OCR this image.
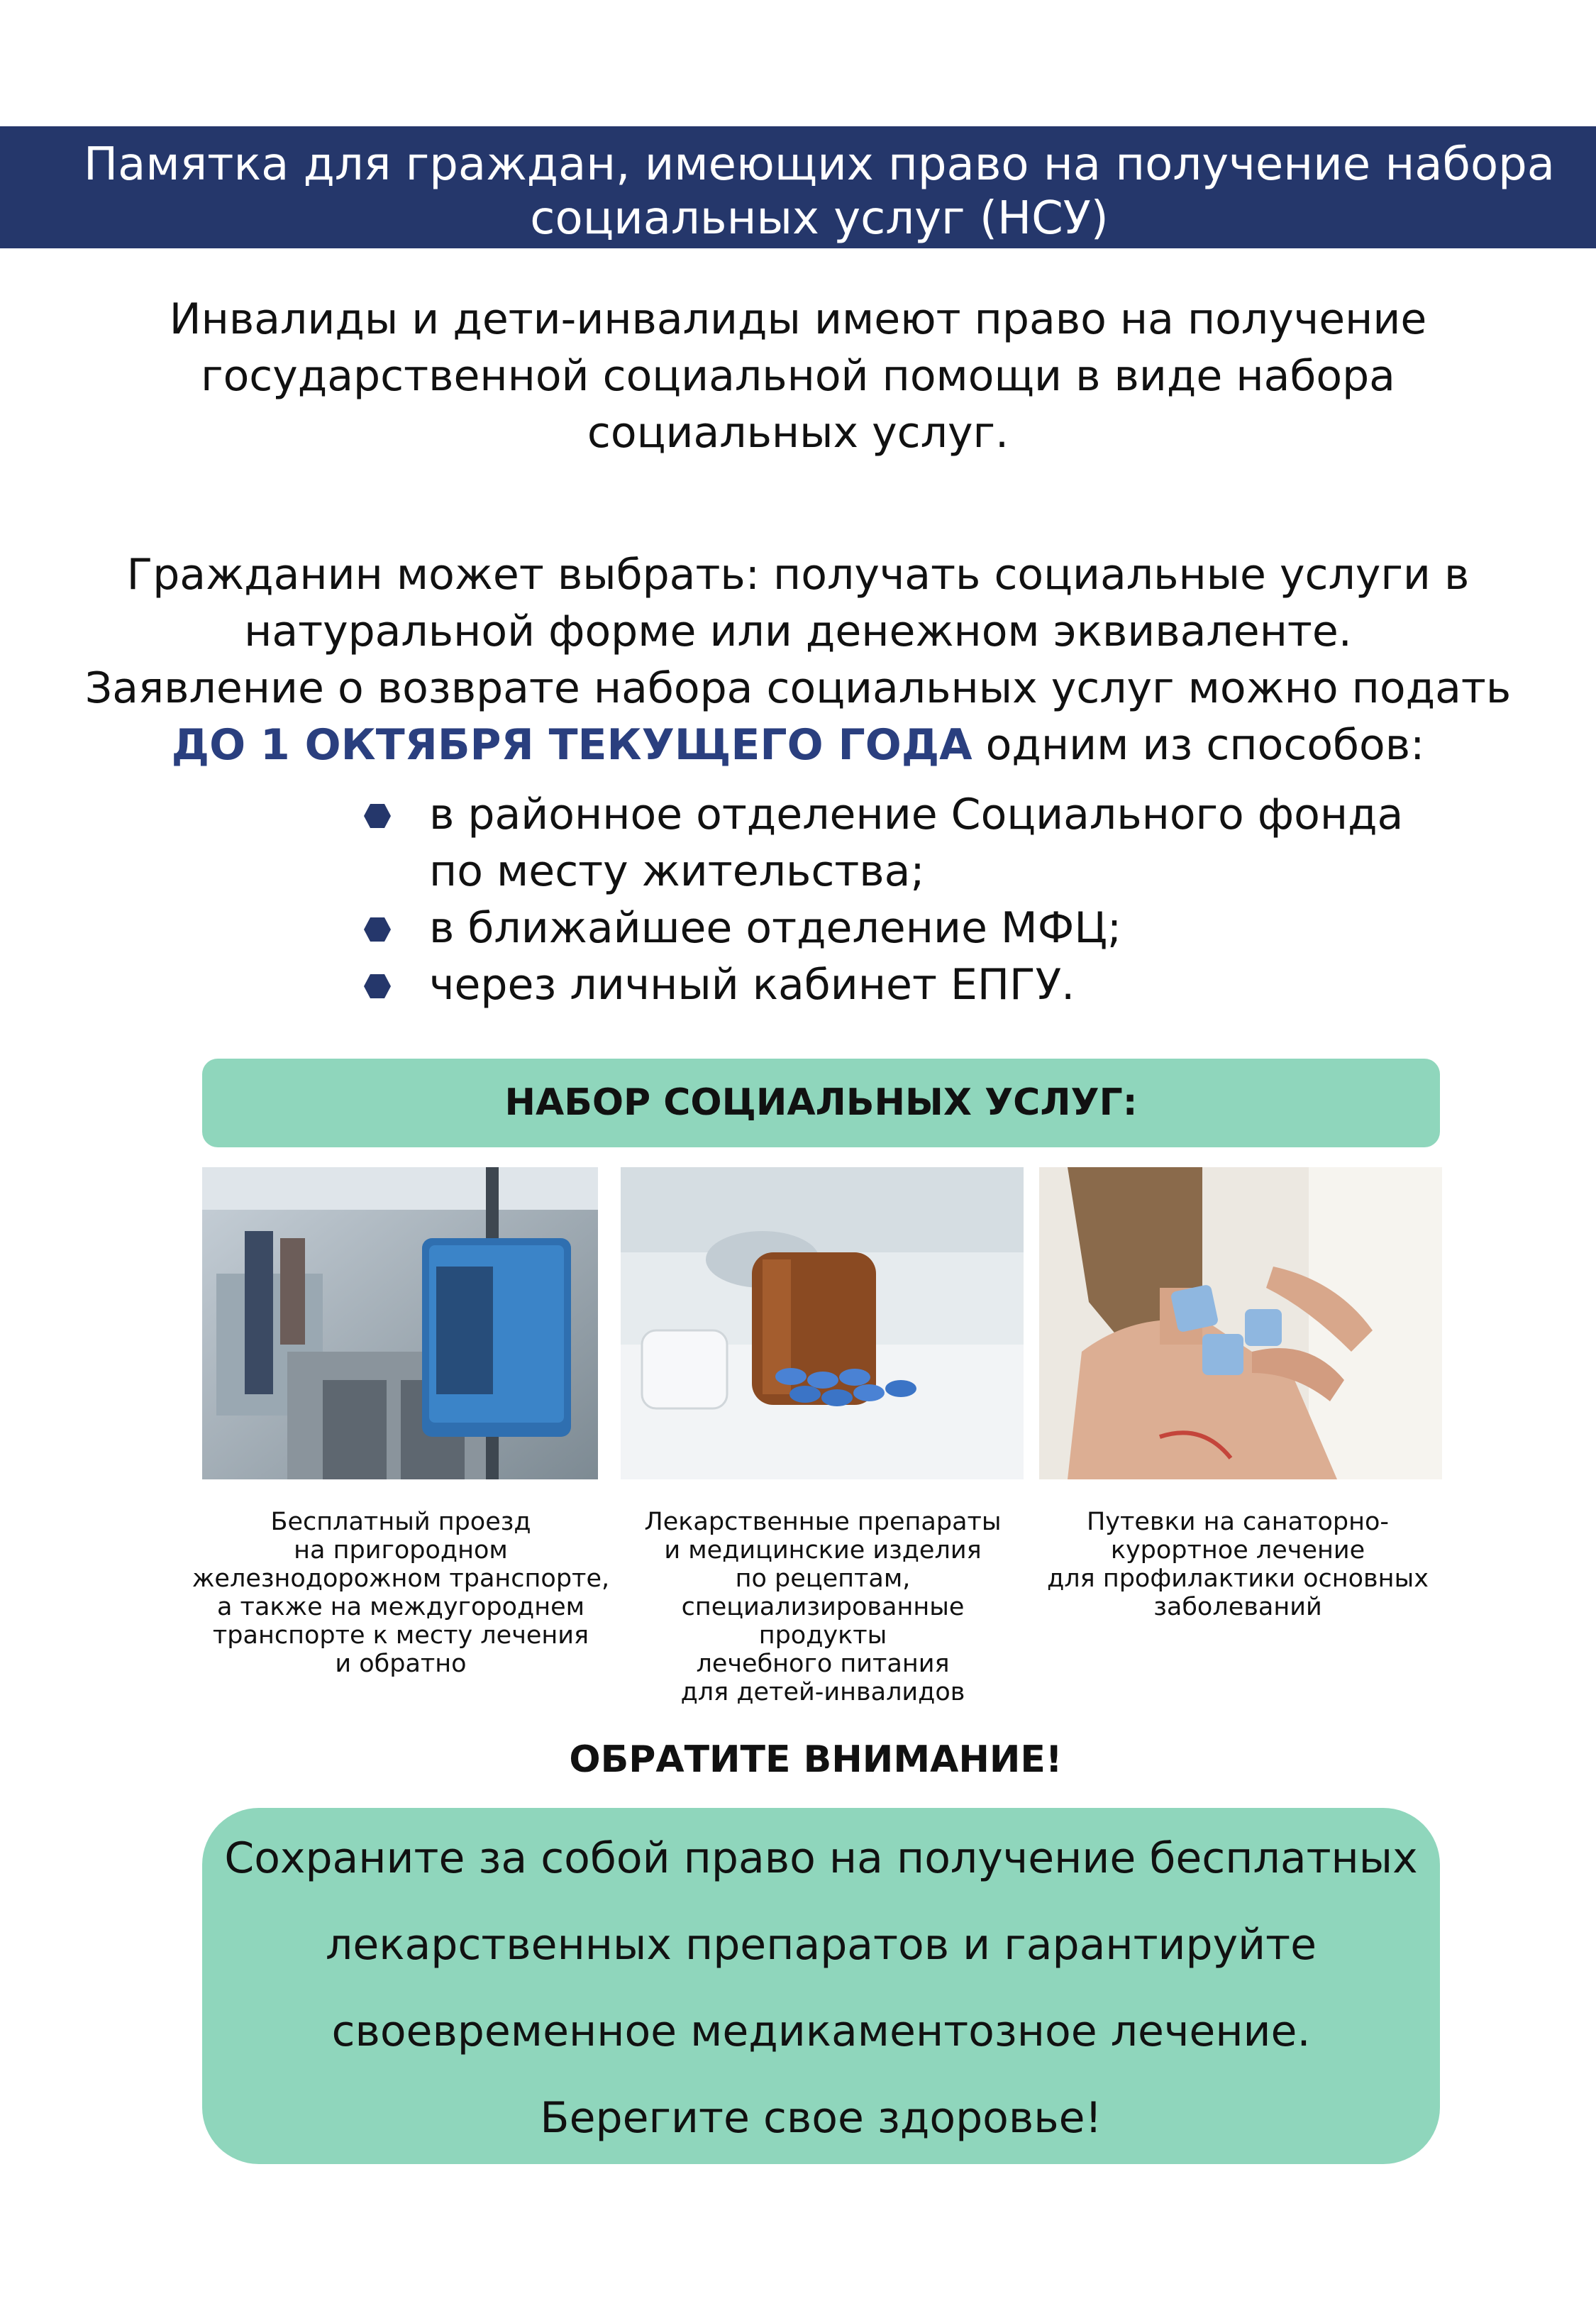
Памятка для граждан, имеющих право на получение набора
социальных услуг (НСУ)
Инвалиды и дети-инвалиды имеют право на получение
государственной социальной помощи в виде набора
социальных услуг.
Гражданин может выбрать: получать социальные услуги в
натуральной форме или денежном эквиваленте.
Заявление о возврате набора социальных услуг можно подать
ДО 1 ОКТЯБРЯ ТЕКУЩЕГО ГОДА одним из способов:
в районное отделение Социального фонда
по месту жительства;
в ближайшее отделение МФЦ;
через личный кабинет ЕПГУ.
НАБОР СОЦИАЛЬНЫХ УСЛУГ:
Бесплатный проезд
на пригородном
железнодорожном транспорте,
а также на междугороднем
транспорте к месту лечения
и обратно
Лекарственные препараты
и медицинские изделия
по рецептам,
специализированные продукты
лечебного питания
для детей-инвалидов
Путевки на санаторно-
курортное лечение
для профилактики основных
заболеваний
ОБРАТИТЕ ВНИМАНИЕ!
Сохраните за собой право на получение бесплатных
лекарственных препаратов и гарантируйте
своевременное медикаментозное лечение.
Берегите свое здоровье!
